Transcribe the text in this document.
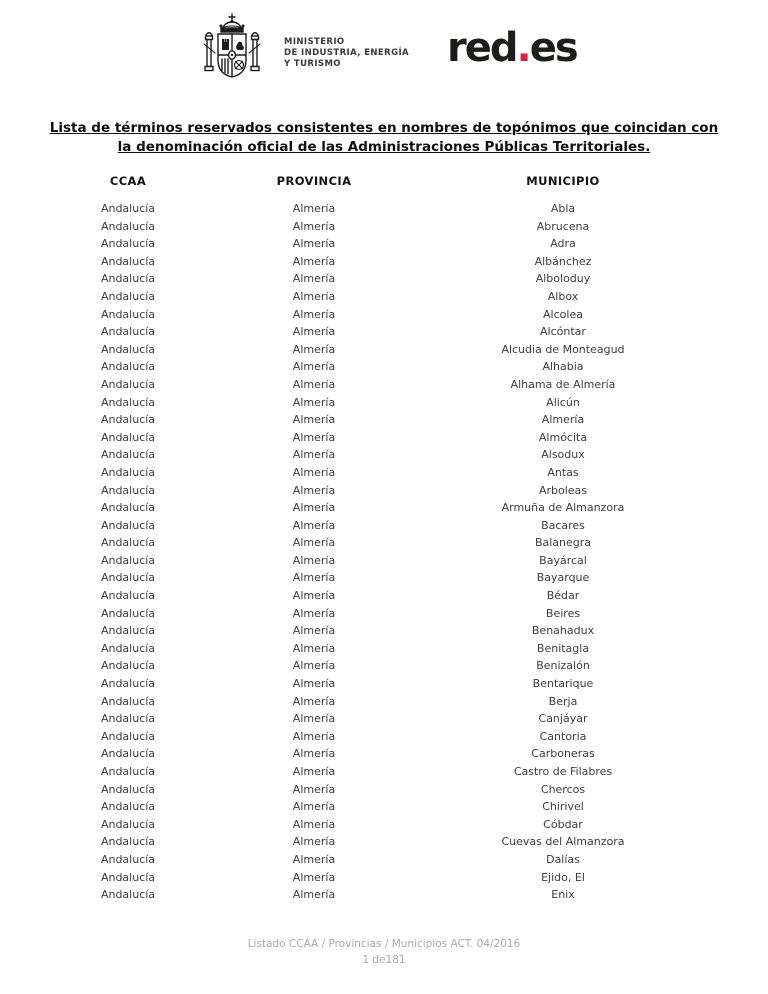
MINISTERIO
DE INDUSTRIA, ENERGÍA
Y TURISMO	red.es
Lista de términos reservados consistentes en nombres de topónimos que coincidan con
la denominación oficial de las Administraciones Públicas Territoriales.
CCAA	PROVINCIA	MUNICIPIO
Andalucía	Almería	Abla
Andalucía	Almería	Abrucena
Andalucía	Almería	Adra
Andalucía	Almería	Albánchez
Andalucía	Almería	Alboloduy
Andalucía	Almería	Albox
Andalucía	Almería	Alcolea
Andalucía	Almería	Alcóntar
Andalucía	Almería	Alcudia de Monteagud
Andalucía	Almería	Alhabia
Andalucía	Almería	Alhama de Almería
Andalucía	Almería	Alicún
Andalucía	Almería	Almería
Andalucía	Almería	Almócita
Andalucía	Almería	Alsodux
Andalucía	Almería	Antas
Andalucía	Almería	Arboleas
Andalucía	Almería	Armuña de Almanzora
Andalucía	Almería	Bacares
Andalucía	Almería	Balanegra
Andalucía	Almería	Bayárcal
Andalucía	Almería	Bayarque
Andalucía	Almería	Bédar
Andalucía	Almería	Beires
Andalucía	Almería	Benahadux
Andalucía	Almería	Benitagla
Andalucía	Almería	Benizalón
Andalucía	Almería	Bentarique
Andalucía	Almería	Berja
Andalucía	Almería	Canjáyar
Andalucía	Almería	Cantoria
Andalucía	Almería	Carboneras
Andalucía	Almería	Castro de Filabres
Andalucía	Almería	Chercos
Andalucía	Almería	Chirivel
Andalucía	Almería	Cóbdar
Andalucía	Almería	Cuevas del Almanzora
Andalucía	Almería	Dalías
Andalucía	Almería	Ejido, El
Andalucía	Almería	Enix
Listado CCAA / Provincias / Municipios ACT. 04/2016
1 de181
